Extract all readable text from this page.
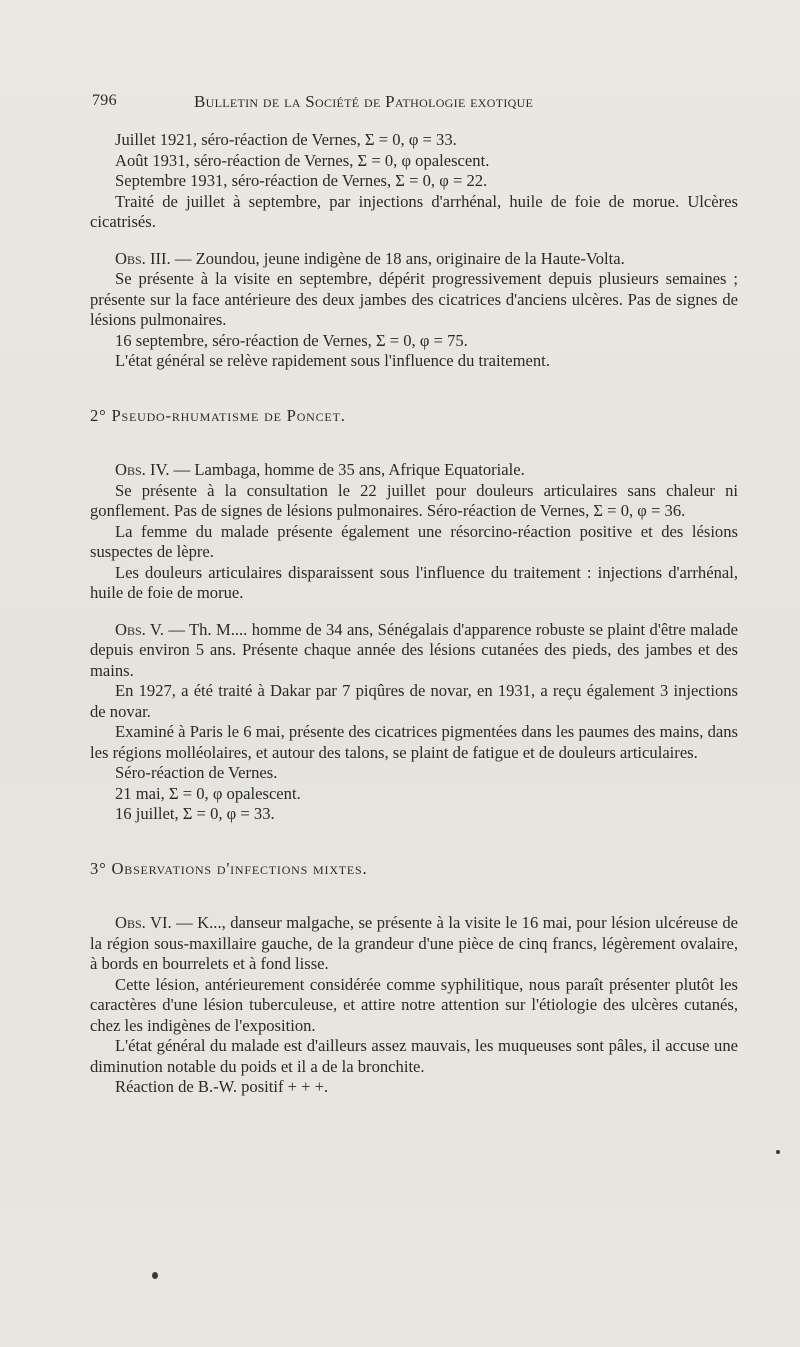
796	Bulletin de la Société de Pathologie exotique

Juillet 1921, séro-réaction de Vernes, Σ = 0, φ = 33.

Août 1931, séro-réaction de Vernes, Σ = 0, φ opalescent.

Septembre 1931, séro-réaction de Vernes, Σ = 0, φ = 22.

Traité de juillet à septembre, par injections d'arrhénal, huile de foie de morue. Ulcères cicatrisés.

Obs. III. — Zoundou, jeune indigène de 18 ans, originaire de la Haute-Volta.

Se présente à la visite en septembre, dépérit progressivement depuis plusieurs semaines ; présente sur la face antérieure des deux jambes des cicatrices d'anciens ulcères. Pas de signes de lésions pulmonaires.

16 septembre, séro-réaction de Vernes, Σ = 0, φ = 75.

L'état général se relève rapidement sous l'influence du traitement.

2° Pseudo-rhumatisme de Poncet.

Obs. IV. — Lambaga, homme de 35 ans, Afrique Equatoriale.

Se présente à la consultation le 22 juillet pour douleurs articulaires sans chaleur ni gonflement. Pas de signes de lésions pulmonaires. Séro-réaction de Vernes, Σ = 0, φ = 36.

La femme du malade présente également une résorcino-réaction positive et des lésions suspectes de lèpre.

Les douleurs articulaires disparaissent sous l'influence du traitement : injections d'arrhénal, huile de foie de morue.

Obs. V. — Th. M.... homme de 34 ans, Sénégalais d'apparence robuste se plaint d'être malade depuis environ 5 ans. Présente chaque année des lésions cutanées des pieds, des jambes et des mains.

En 1927, a été traité à Dakar par 7 piqûres de novar, en 1931, a reçu également 3 injections de novar.

Examiné à Paris le 6 mai, présente des cicatrices pigmentées dans les paumes des mains, dans les régions molléolaires, et autour des talons, se plaint de fatigue et de douleurs articulaires.

Séro-réaction de Vernes.

21 mai, Σ = 0, φ opalescent.

16 juillet, Σ = 0, φ = 33.

3° Observations d'infections mixtes.

Obs. VI. — K..., danseur malgache, se présente à la visite le 16 mai, pour lésion ulcéreuse de la région sous-maxillaire gauche, de la grandeur d'une pièce de cinq francs, légèrement ovalaire, à bords en bourrelets et à fond lisse.

Cette lésion, antérieurement considérée comme syphilitique, nous paraît présenter plutôt les caractères d'une lésion tuberculeuse, et attire notre attention sur l'étiologie des ulcères cutanés, chez les indigènes de l'exposition.

L'état général du malade est d'ailleurs assez mauvais, les muqueuses sont pâles, il accuse une diminution notable du poids et il a de la bronchite.

Réaction de B.-W. positif + + +.
